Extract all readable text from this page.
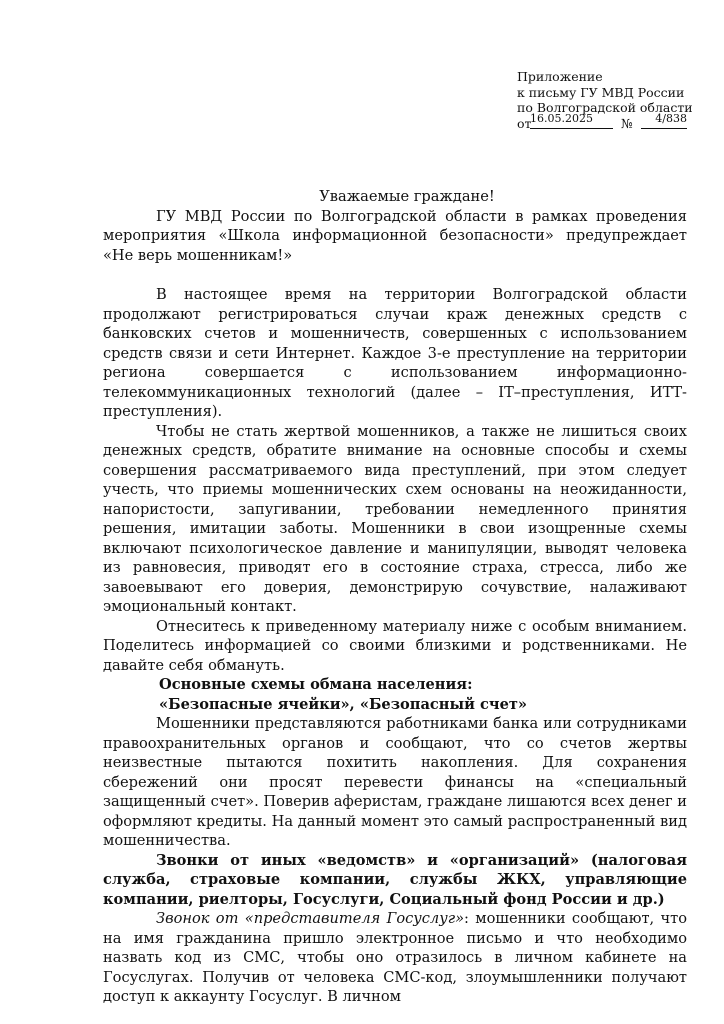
Приложение
к письму ГУ МВД России
по Волгоградской области
от
16.05.2025	№	4/838

Уважаемые граждане!

ГУ МВД России по Волгоградской области в рамках проведения мероприятия «Школа информационной безопасности» предупреждает «Не верь мошенникам!»

В настоящее время на территории Волгоградской области продолжают регистрироваться случаи краж денежных средств с банковских счетов и мошенничеств, совершенных с использованием средств связи и сети Интернет. Каждое 3-е преступление на территории региона совершается с использованием информационно-телекоммуникационных технологий (далее – IT–преступления, ИТТ-преступления).

Чтобы не стать жертвой мошенников, а также не лишиться своих денежных средств, обратите внимание на основные способы и схемы совершения рассматриваемого вида преступлений, при этом следует учесть, что приемы мошеннических схем основаны на неожиданности, напористости, запугивании, требовании немедленного принятия решения, имитации заботы. Мошенники в свои изощренные схемы включают психологическое давление и манипуляции, выводят человека из равновесия, приводят его в состояние страха, стресса, либо же завоевывают его доверия, демонстрирую сочувствие, налаживают эмоциональный контакт.

Отнеситесь к приведенному материалу ниже с особым вниманием. Поделитесь информацией со своими близкими и родственниками. Не давайте себя обмануть.

Основные схемы обмана населения:

«Безопасные ячейки», «Безопасный счет»

Мошенники представляются работниками банка или сотрудниками правоохранительных органов и сообщают, что со счетов жертвы неизвестные пытаются похитить накопления. Для сохранения сбережений они просят перевести финансы на «специальный защищенный счет». Поверив аферистам, граждане лишаются всех денег и оформляют кредиты. На данный момент это самый распространенный вид мошенничества.

Звонки от иных «ведомств» и «организаций» (налоговая служба, страховые компании, службы ЖКХ, управляющие компании, риелторы, Госуслуги, Социальный фонд России и др.)

Звонок от «представителя Госуслуг»: мошенники сообщают, что на имя гражданина пришло электронное письмо и что необходимо назвать код из СМС, чтобы оно отразилось в личном кабинете на Госуслугах. Получив от человека СМС-код, злоумышленники получают доступ к аккаунту Госуслуг. В личном
